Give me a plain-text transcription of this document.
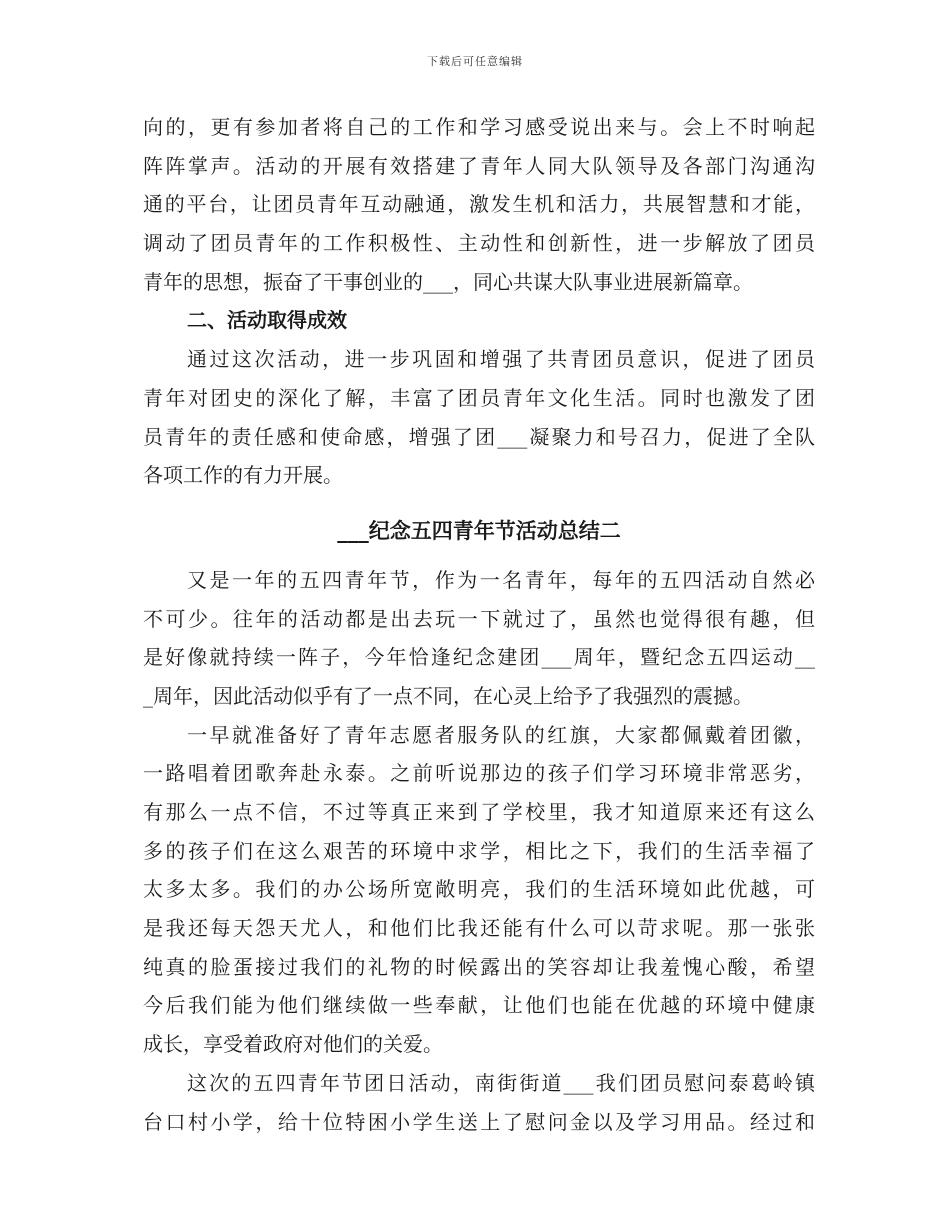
下载后可任意编辑
向的，更有参加者将自己的工作和学习感受说出来与。会上不时响起
阵阵掌声。活动的开展有效搭建了青年人同大队领导及各部门沟通沟
通的平台，让团员青年互动融通，激发生机和活力，共展智慧和才能，
调动了团员青年的工作积极性、主动性和创新性，进一步解放了团员
青年的思想，振奋了干事创业的___，同心共谋大队事业进展新篇章。
二、活动取得成效
通过这次活动，进一步巩固和增强了共青团员意识，促进了团员
青年对团史的深化了解，丰富了团员青年文化生活。同时也激发了团
员青年的责任感和使命感，增强了团___凝聚力和号召力，促进了全队
各项工作的有力开展。
___纪念五四青年节活动总结二
又是一年的五四青年节，作为一名青年，每年的五四活动自然必
不可少。往年的活动都是出去玩一下就过了，虽然也觉得很有趣，但
是好像就持续一阵子，今年恰逢纪念建团___周年，暨纪念五四运动__
_周年，因此活动似乎有了一点不同，在心灵上给予了我强烈的震撼。
一早就准备好了青年志愿者服务队的红旗，大家都佩戴着团徽，
一路唱着团歌奔赴永泰。之前听说那边的孩子们学习环境非常恶劣，
有那么一点不信，不过等真正来到了学校里，我才知道原来还有这么
多的孩子们在这么艰苦的环境中求学，相比之下，我们的生活幸福了
太多太多。我们的办公场所宽敞明亮，我们的生活环境如此优越，可
是我还每天怨天尤人，和他们比我还能有什么可以苛求呢。那一张张
纯真的脸蛋接过我们的礼物的时候露出的笑容却让我羞愧心酸，希望
今后我们能为他们继续做一些奉献，让他们也能在优越的环境中健康
成长，享受着政府对他们的关爱。
这次的五四青年节团日活动，南街街道___我们团员慰问泰葛岭镇
台口村小学，给十位特困小学生送上了慰问金以及学习用品。经过和
